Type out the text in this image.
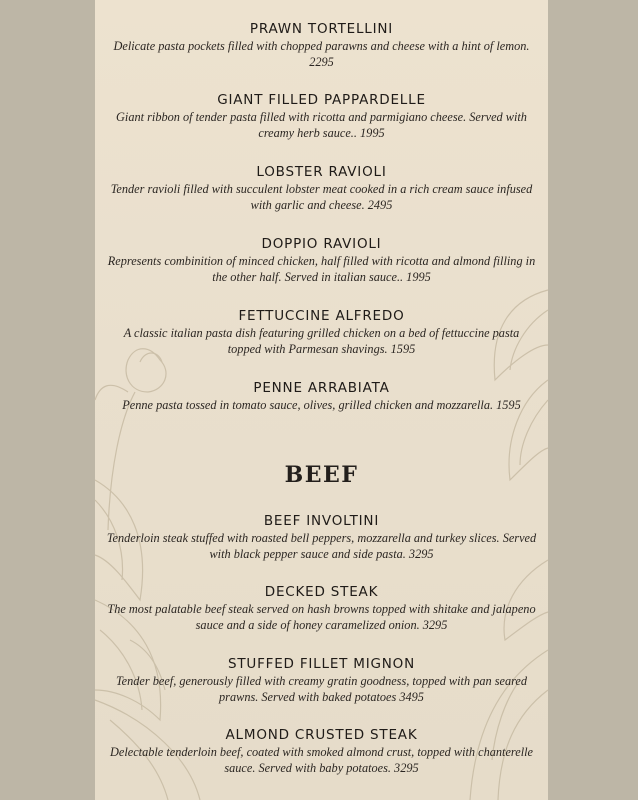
PRAWN TORTELLINI

Delicate pasta pockets filled with chopped parawns and cheese with a hint of lemon. 2295

GIANT FILLED PAPPARDELLE

Giant ribbon of tender pasta filled with ricotta and parmigiano cheese. Served with creamy herb sauce.. 1995

LOBSTER RAVIOLI

Tender ravioli filled with succulent lobster meat cooked in a rich cream sauce infused with garlic and cheese. 2495

DOPPIO RAVIOLI

Represents combinition of minced chicken, half filled with ricotta and almond filling in the other half. Served in italian sauce.. 1995

FETTUCCINE ALFREDO

A classic italian pasta dish featuring grilled chicken on a bed of fettuccine pasta topped with Parmesan shavings. 1595

PENNE ARRABIATA

Penne pasta tossed in tomato sauce, olives, grilled chicken and mozzarella. 1595

BEEF

BEEF INVOLTINI

Tenderloin steak stuffed with roasted bell peppers, mozzarella and turkey slices. Served with black pepper sauce and side pasta. 3295

DECKED STEAK

The most palatable beef steak served on hash browns topped with shitake and jalapeno sauce and a side of honey caramelized onion. 3295

STUFFED FILLET MIGNON

Tender beef, generously filled with creamy gratin goodness, topped with pan seared prawns. Served with baked potatoes 3495

ALMOND CRUSTED STEAK

Delectable tenderloin beef, coated with smoked almond crust, topped with chanterelle sauce. Served with baby potatoes. 3295
